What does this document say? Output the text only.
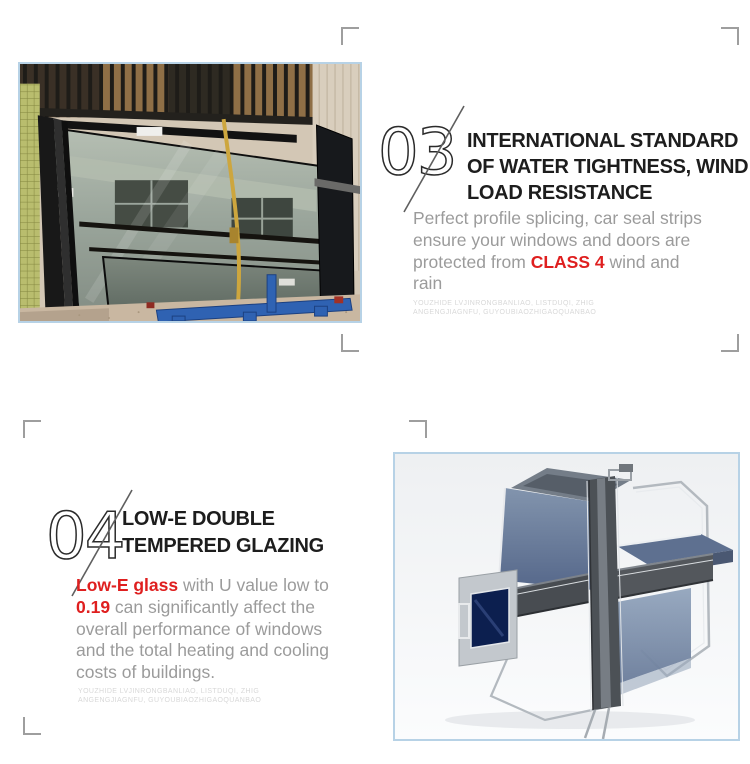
03 INTERNATIONAL STANDARD
OF WATER TIGHTNESS, WIND
LOAD RESISTANCE
Perfect profile splicing, car seal strips
ensure your windows and doors are
protected from CLASS 4 wind and
rain
YOUZHIDE LVJINRONGBANLIAO, LISTDUQI, ZHIG
ANGENGJIAGNFU, GUYOUBIAOZHIGAOQUANBAO
04
LOW-E DOUBLE
TEMPERED GLAZING
Low-E glass with U value low to
0.19 can significantly affect the
overall performance of windows
and the total heating and cooling
costs of buildings.
YOUZHIDE LVJINRONGBANLIAO, LISTDUQI, ZHIG
ANGENGJIAGNFU, GUYOUBIAOZHIGAOQUANBAO
